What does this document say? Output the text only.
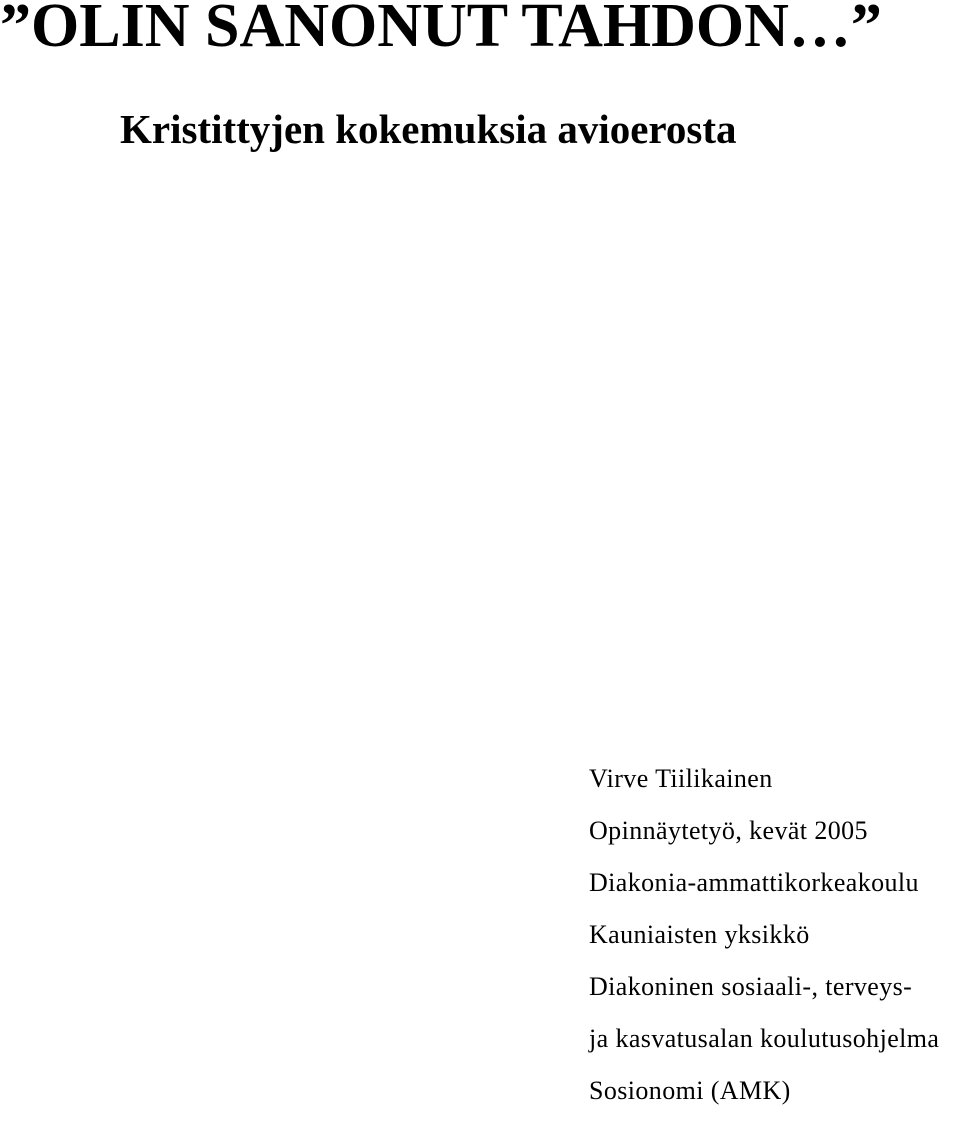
”OLIN SANONUT TAHDON…”
Kristittyjen kokemuksia avioerosta
Virve Tiilikainen
Opinnäytetyö, kevät 2005
Diakonia-ammattikorkeakoulu
Kauniaisten yksikkö
Diakoninen sosiaali-, terveys-
ja kasvatusalan koulutusohjelma
Sosionomi (AMK)
